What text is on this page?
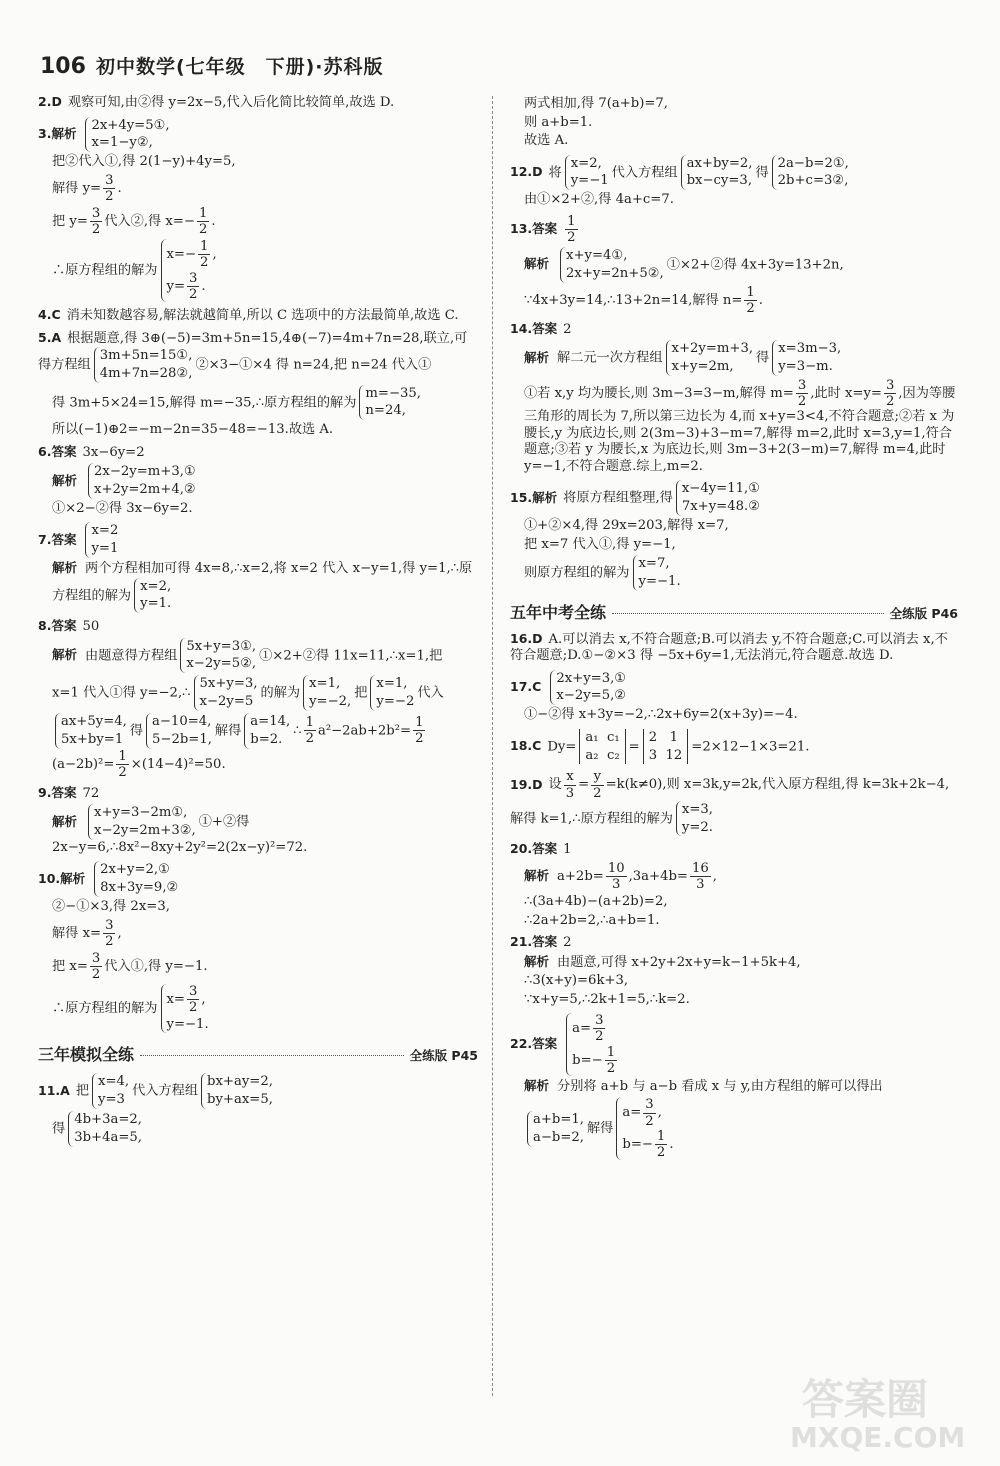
106 初中数学(七年级　下册)·苏科版
2.D 观察可知,由②得 y=2x−5,代入后化简比较简单,故选 D.
3.解析2x+4y=5①,
x=1−y②,
把②代入①,得 2(1−y)+4y=5,
解得 $y= \frac{3}{2}$ .
把 $y= \frac{3}{2}$ 代入②,得 $x=- \frac{1}{2}$ .
∴原方程组的解为$x=- \frac{1}{2}$ ,
$y= \frac{3}{2}$ .
4.C 消未知数越容易,解法就越简单,所以 C 选项中的方法最简单,故选 C.
5.A 根据题意,得 3⊕(−5)=3m+5n=15,4⊕(−7)=4m+7n=28,联立,可得方程组3m+5n=15①,
4m+7n=28②,②×3−①×4 得 n=24,把 n=24 代入①
得 3m+5×24=15,解得 m=−35,∴原方程组的解为m=−35,
n=24,
所以(−1)⊕2=−m−2n=35−48=−13.故选 A.
6.答案 3x−6y=2
解析2x−2y=m+3,①
x+2y=2m+4,②
①×2−②得 3x−6y=2.
7.答案x=2
y=1
解析 两个方程相加可得 4x=8,∴x=2,将 x=2 代入 x−y=1,得 y=1,∴原方程组的解为x=2,
y=1.
8.答案 50
解析 由题意得方程组5x+y=3①,
x−2y=5②,①×2+②得 11x=11,∴x=1,把
x=1 代入①得 y=−2,∴5x+y=3,
x−2y=5的解为x=1,
y=−2,把x=1,
y=−2代入
ax+5y=4,
5x+by=1得a−10=4,
5−2b=1,解得a=14,
b=2.∴ $\frac{1}{2} a^2-2ab+2b^2= \frac{1}{2}$
$(a-2b)^2= \frac{1}{2} \times(14-4)^2=50$.
9.答案 72
解析x+y=3−2m①,
x−2y=2m+3②,①+②得 2x−y=6,∴8x²−8xy+2y²=2(2x−y)²=72.
10.解析2x+y=2,①
8x+3y=9,②
②−①×3,得 2x=3,
解得 $x= \frac{3}{2}$ ,
把 $x= \frac{3}{2}$ 代入①,得 y=−1.
∴原方程组的解为$x= \frac{3}{2}$ ,
y=−1.
三年模拟全练	全练版 P45
11.A 把x=4,
y=3代入方程组bx+ay=2,
by+ax=5,
得4b+3a=2,
3b+4a=5,
两式相加,得 7(a+b)=7,
则 a+b=1.
故选 A.
12.D 将x=2,
y=−1代入方程组ax+by=2,
bx−cy=3,得2a−b=2①,
2b+c=3②,
由①×2+②,得 4a+c=7.
13.答案 $\frac{1}{2}$
解析x+y=4①,
2x+y=2n+5②,①×2+②得 4x+3y=13+2n,
∵4x+3y=14,∴13+2n=14,解得 $n= \frac{1}{2}$ .
14.答案 2
解析 解二元一次方程组x+2y=m+3,
x+y=2m,得x=3m−3,
y=3−m.
①若 x,y 均为腰长,则 3m−3=3−m,解得 $m= \frac{3}{2}$ ,此时 $x=y= \frac{3}{2}$ ,因为等腰三角形的周长为 7,所以第三边长为 4,而 x+y=3<4,不符合题意;②若 x 为腰长,y 为底边长,则 2(3m−3)+3−m=7,解得 m=2,此时 x=3,y=1,符合题意;③若 y 为腰长,x 为底边长,则 3m−3+2(3−m)=7,解得 m=4,此时 y=−1,不符合题意.综上,m=2.
15.解析 将原方程组整理,得x−4y=11,①
7x+y=48.②
①+②×4,得 29x=203,解得 x=7,
把 x=7 代入①,得 y=−1,
则原方程组的解为x=7,
y=−1.
五年中考全练	全练版 P46
16.D A.可以消去 x,不符合题意;B.可以消去 y,不符合题意;C.可以消去 x,不符合题意;D.①−②×3 得 −5x+6y=1,无法消元,符合题意.故选 D.
17.C2x+y=3,①
x−2y=5,②
①−②得 x+3y=−2,∴2x+6y=2(x+3y)=−4.
18.C Dy=a₁ c₁
a₂ c₂=2 1
3 12=2×12−1×3=21.
19.D 设 $\frac{x}{3} = \frac{y}{2} =k(k\ne 0)$,则 x=3k,y=2k,代入原方程组,得 k=3k+2k−4,解得 k=1,∴原方程组的解为x=3,
y=2.
20.答案 1
解析 $a+2b= \frac{10}{3} ,3a+4b= \frac{16}{3}$ ,
∴(3a+4b)−(a+2b)=2,
∴2a+2b=2,∴a+b=1.
21.答案 2
解析 由题意,可得 x+2y+2x+y=k−1+5k+4,
∴3(x+y)=6k+3,
∵x+y=5,∴2k+1=5,∴k=2.
22.答案$a= \frac{3}{2}$

$b=- \frac{1}{2}$
解析 分别将 a+b 与 a−b 看成 x 与 y,由方程组的解可以得出
a+b=1,
a−b=2,解得$a= \frac{3}{2}$ ,
$b=- \frac{1}{2}$ .
答案圈
MXQE.COM
